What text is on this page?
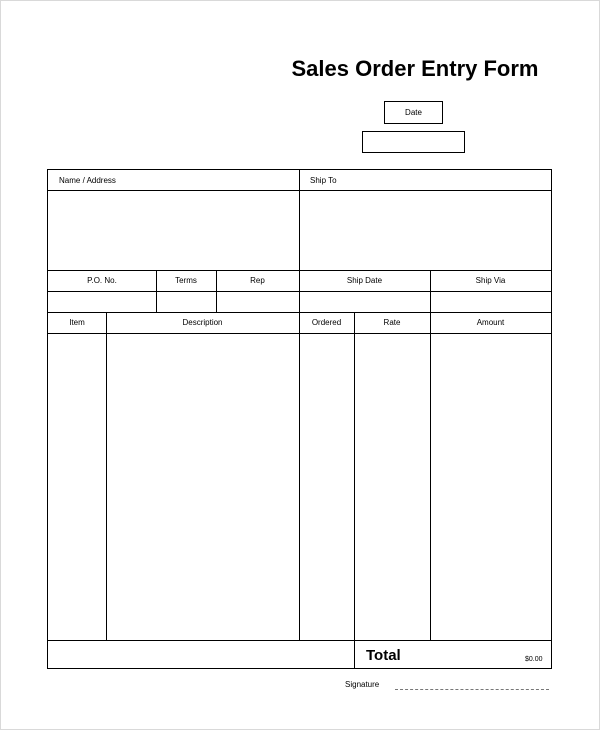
Sales Order Entry Form
Date
Name / Address	Ship To
P.O. No.	Terms	Rep	Ship Date	Ship Via
Item	Description	Ordered	Rate	Amount
Total	$0.00
Signature
